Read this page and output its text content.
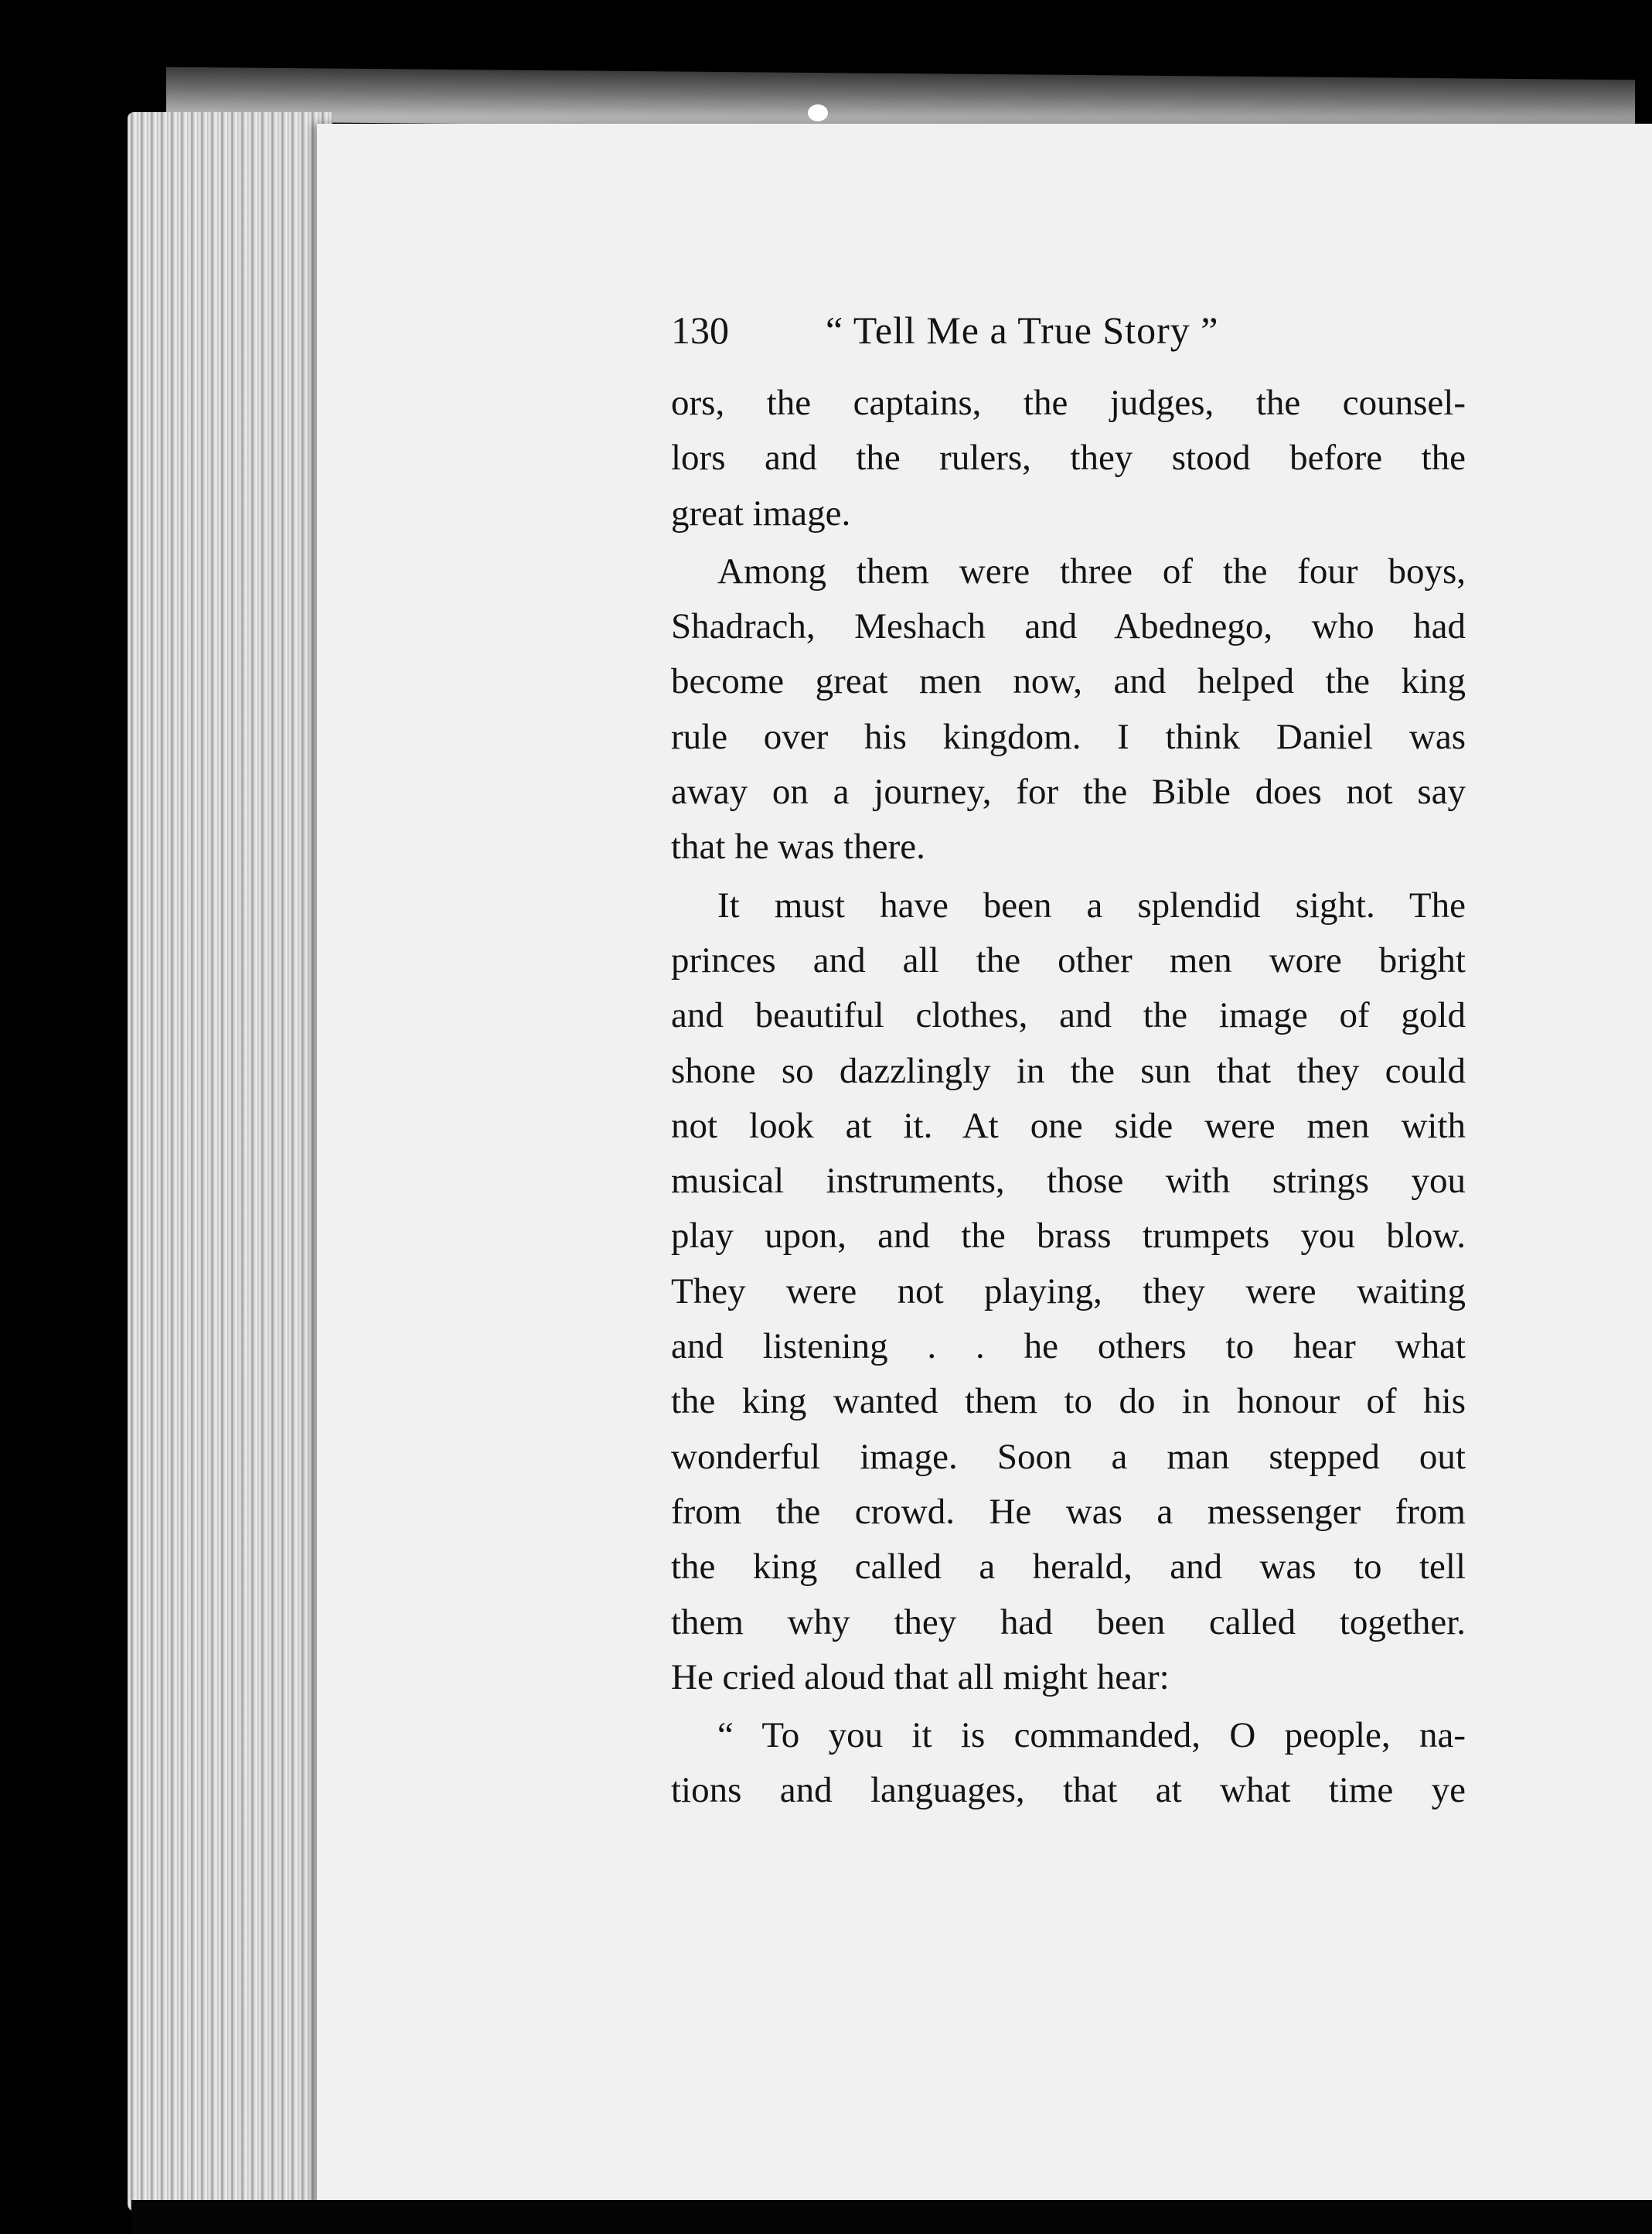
130	“ Tell Me a True Story ”

ors, the captains, the judges, the counsel-
lors and the rulers, they stood before the
great image.

Among them were three of the four boys,
Shadrach, Meshach and Abednego, who had
become great men now, and helped the king
rule over his kingdom. I think Daniel was
away on a journey, for the Bible does not say
that he was there.

It must have been a splendid sight. The
princes and all the other men wore bright
and beautiful clothes, and the image of gold
shone so dazzlingly in the sun that they could
not look at it. At one side were men with
musical instruments, those with strings you
play upon, and the brass trumpets you blow.
They were not playing, they were waiting
and listening . . he others to hear what
the king wanted them to do in honour of his
wonderful image. Soon a man stepped out
from the crowd. He was a messenger from
the king called a herald, and was to tell
them why they had been called together.
He cried aloud that all might hear:

“ To you it is commanded, O people, na-
tions and languages, that at what time ye
